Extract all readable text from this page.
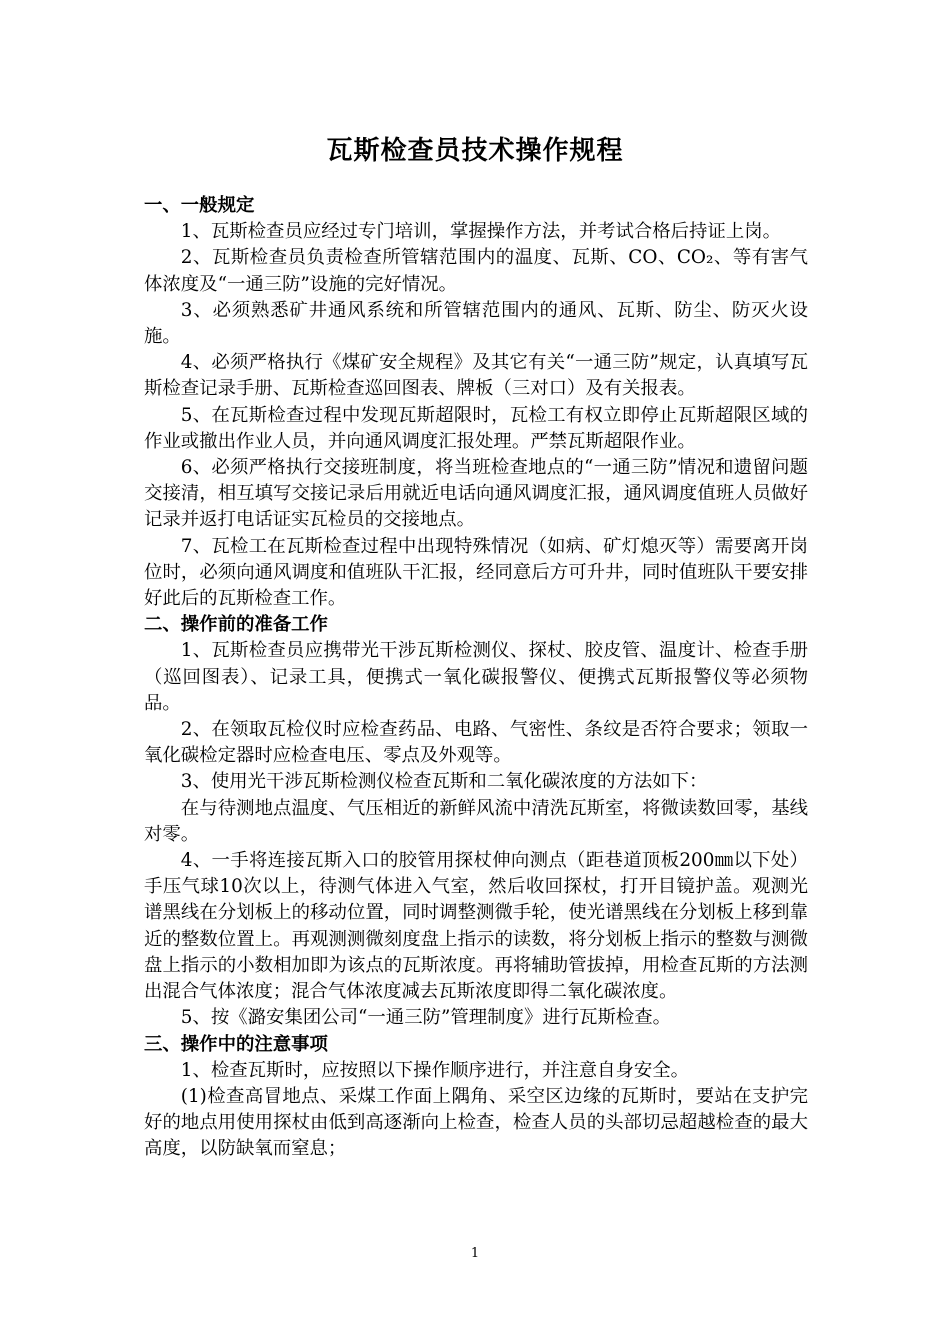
瓦斯检查员技术操作规程

一、一般规定

1、瓦斯检查员应经过专门培训，掌握操作方法，并考试合格后持证上岗。

2、瓦斯检查员负责检查所管辖范围内的温度、瓦斯、CO、CO₂、等有害气体浓度及“一通三防”设施的完好情况。

3、必须熟悉矿井通风系统和所管辖范围内的通风、瓦斯、防尘、防灭火设施。

4、必须严格执行《煤矿安全规程》及其它有关“一通三防”规定，认真填写瓦斯检查记录手册、瓦斯检查巡回图表、牌板（三对口）及有关报表。

5、在瓦斯检查过程中发现瓦斯超限时，瓦检工有权立即停止瓦斯超限区域的作业或撤出作业人员，并向通风调度汇报处理。严禁瓦斯超限作业。

6、必须严格执行交接班制度，将当班检查地点的“一通三防”情况和遗留问题交接清，相互填写交接记录后用就近电话向通风调度汇报，通风调度值班人员做好记录并返打电话证实瓦检员的交接地点。

7、瓦检工在瓦斯检查过程中出现特殊情况（如病、矿灯熄灭等）需要离开岗位时，必须向通风调度和值班队干汇报，经同意后方可升井，同时值班队干要安排好此后的瓦斯检查工作。

二、操作前的准备工作

1、瓦斯检查员应携带光干涉瓦斯检测仪、探杖、胶皮管、温度计、检查手册（巡回图表）、记录工具，便携式一氧化碳报警仪、便携式瓦斯报警仪等必须物品。

2、在领取瓦检仪时应检查药品、电路、气密性、条纹是否符合要求；领取一氧化碳检定器时应检查电压、零点及外观等。

3、使用光干涉瓦斯检测仪检查瓦斯和二氧化碳浓度的方法如下：

在与待测地点温度、气压相近的新鲜风流中清洗瓦斯室，将微读数回零，基线对零。

4、一手将连接瓦斯入口的胶管用探杖伸向测点（距巷道顶板200㎜以下处）手压气球10次以上，待测气体进入气室，然后收回探杖，打开目镜护盖。观测光谱黑线在分划板上的移动位置，同时调整测微手轮，使光谱黑线在分划板上移到靠近的整数位置上。再观测测微刻度盘上指示的读数，将分划板上指示的整数与测微盘上指示的小数相加即为该点的瓦斯浓度。再将辅助管拔掉，用检查瓦斯的方法测出混合气体浓度；混合气体浓度减去瓦斯浓度即得二氧化碳浓度。

5、按《潞安集团公司“一通三防”管理制度》进行瓦斯检查。

三、操作中的注意事项

1、检查瓦斯时，应按照以下操作顺序进行，并注意自身安全。

(1)检查高冒地点、采煤工作面上隅角、采空区边缘的瓦斯时，要站在支护完好的地点用使用探杖由低到高逐渐向上检查，检查人员的头部切忌超越检查的最大高度，以防缺氧而窒息；

1
